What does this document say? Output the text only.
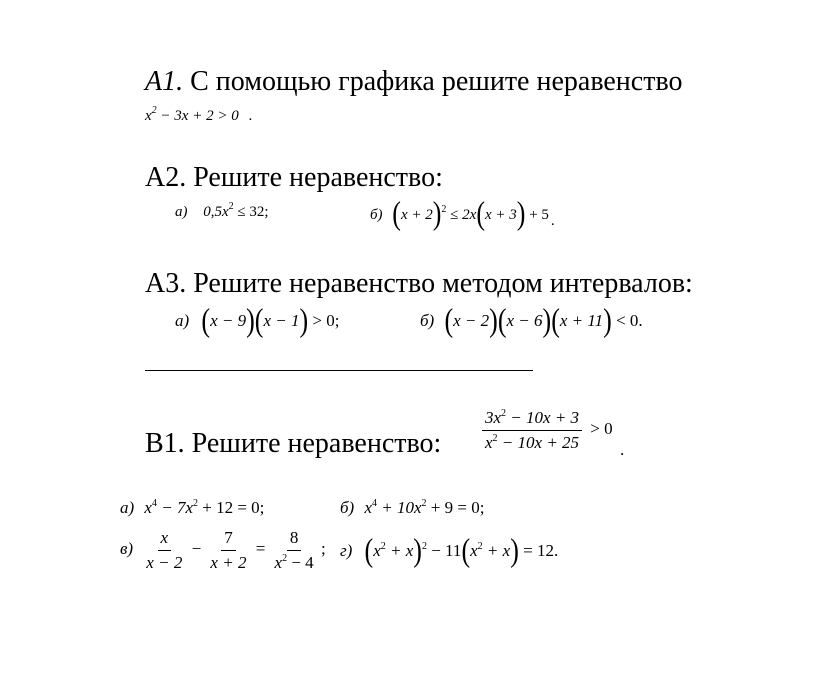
А1. С помощью графика решите неравенство
$x^2 - 3x + 2 > 0$ .
А2. Решите неравенство:
а) $0,5x^2 \le 32$;	б) $(x + 2)^2 \le 2x(x + 3) + 5$ .
А3. Решите неравенство методом интервалов:
а) (x − 9)(x − 1) > 0;	б) (x − 2)(x − 6)(x + 11) < 0.
В1. Решите неравенство: $\frac{3x^2 - 10x + 3}{x^2 - 10x + 25} > 0$
.
а) $x^4 - 7x^2 + 12 = 0$;	б) $x^4 + 10x^2 + 9 = 0$;
$в) \frac{x}{x - 2} - \frac{7}{x + 2} = \frac{8}{x^2 - 4}$ ; г) $(x^2 + x)^2 - 11(x^2 + x) = 12$.
